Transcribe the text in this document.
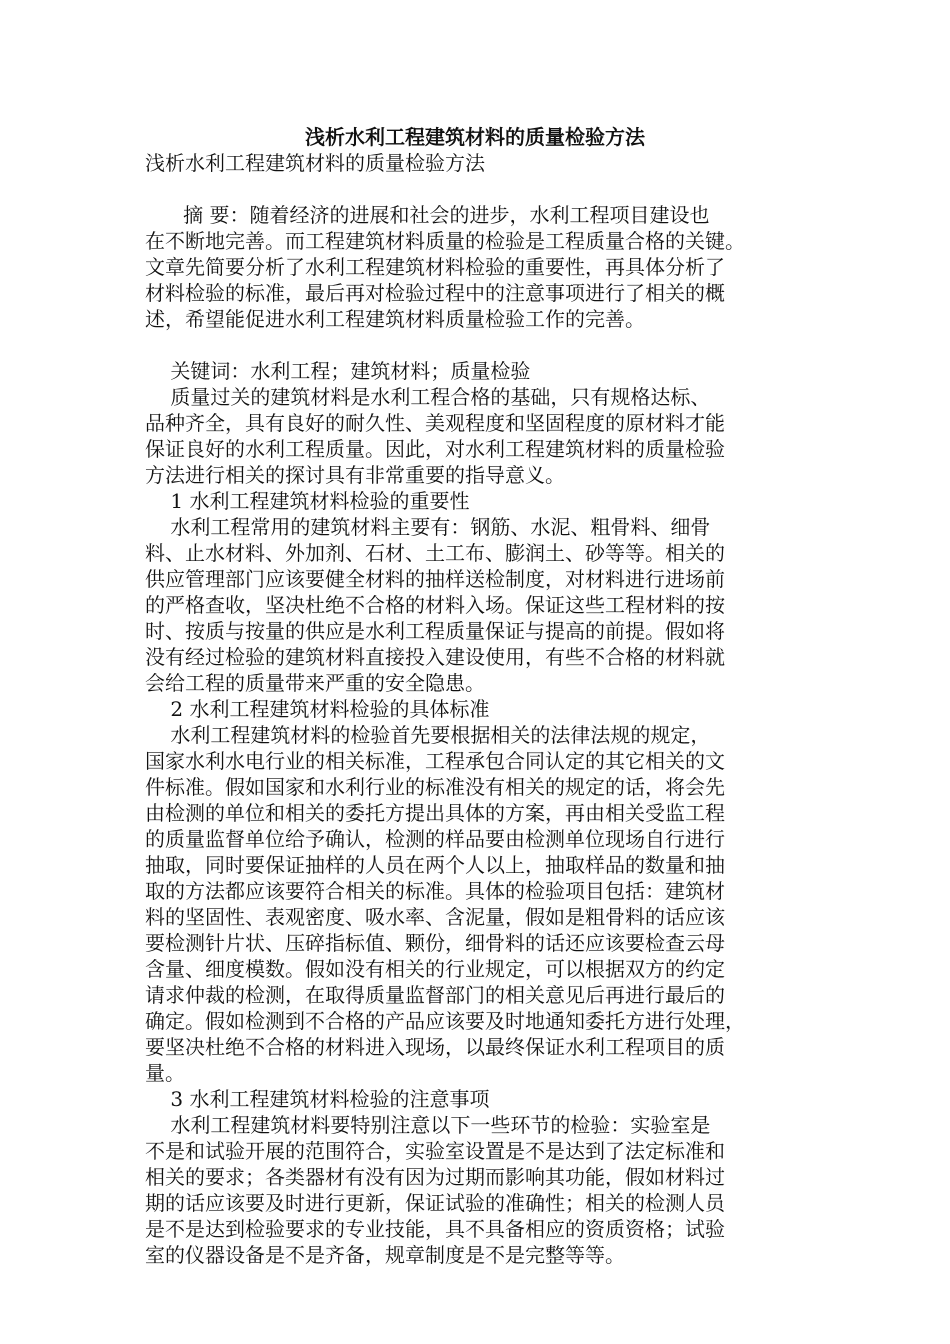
浅析水利工程建筑材料的质量检验方法
浅析水利工程建筑材料的质量检验方法
摘 要：随着经济的进展和社会的进步，水利工程项目建设也
在不断地完善。而工程建筑材料质量的检验是工程质量合格的关键。
文章先简要分析了水利工程建筑材料检验的重要性，再具体分析了
材料检验的标准，最后再对检验过程中的注意事项进行了相关的概
述，希望能促进水利工程建筑材料质量检验工作的完善。
关键词：水利工程；建筑材料；质量检验
质量过关的建筑材料是水利工程合格的基础，只有规格达标、
品种齐全，具有良好的耐久性、美观程度和坚固程度的原材料才能
保证良好的水利工程质量。因此，对水利工程建筑材料的质量检验
方法进行相关的探讨具有非常重要的指导意义。
1 水利工程建筑材料检验的重要性
水利工程常用的建筑材料主要有：钢筋、水泥、粗骨料、细骨
料、止水材料、外加剂、石材、土工布、膨润土、砂等等。相关的
供应管理部门应该要健全材料的抽样送检制度，对材料进行进场前
的严格查收，坚决杜绝不合格的材料入场。保证这些工程材料的按
时、按质与按量的供应是水利工程质量保证与提高的前提。假如将
没有经过检验的建筑材料直接投入建设使用，有些不合格的材料就
会给工程的质量带来严重的安全隐患。
2 水利工程建筑材料检验的具体标准
水利工程建筑材料的检验首先要根据相关的法律法规的规定，
国家水利水电行业的相关标准，工程承包合同认定的其它相关的文
件标准。假如国家和水利行业的标准没有相关的规定的话，将会先
由检测的单位和相关的委托方提出具体的方案，再由相关受监工程
的质量监督单位给予确认，检测的样品要由检测单位现场自行进行
抽取，同时要保证抽样的人员在两个人以上，抽取样品的数量和抽
取的方法都应该要符合相关的标准。具体的检验项目包括：建筑材
料的坚固性、表观密度、吸水率、含泥量，假如是粗骨料的话应该
要检测针片状、压碎指标值、颗份，细骨料的话还应该要检查云母
含量、细度模数。假如没有相关的行业规定，可以根据双方的约定
请求仲裁的检测，在取得质量监督部门的相关意见后再进行最后的
确定。假如检测到不合格的产品应该要及时地通知委托方进行处理，
要坚决杜绝不合格的材料进入现场，以最终保证水利工程项目的质
量。
3 水利工程建筑材料检验的注意事项
水利工程建筑材料要特别注意以下一些环节的检验：实验室是
不是和试验开展的范围符合，实验室设置是不是达到了法定标准和
相关的要求；各类器材有没有因为过期而影响其功能，假如材料过
期的话应该要及时进行更新，保证试验的准确性；相关的检测人员
是不是达到检验要求的专业技能，具不具备相应的资质资格；试验
室的仪器设备是不是齐备，规章制度是不是完整等等。
